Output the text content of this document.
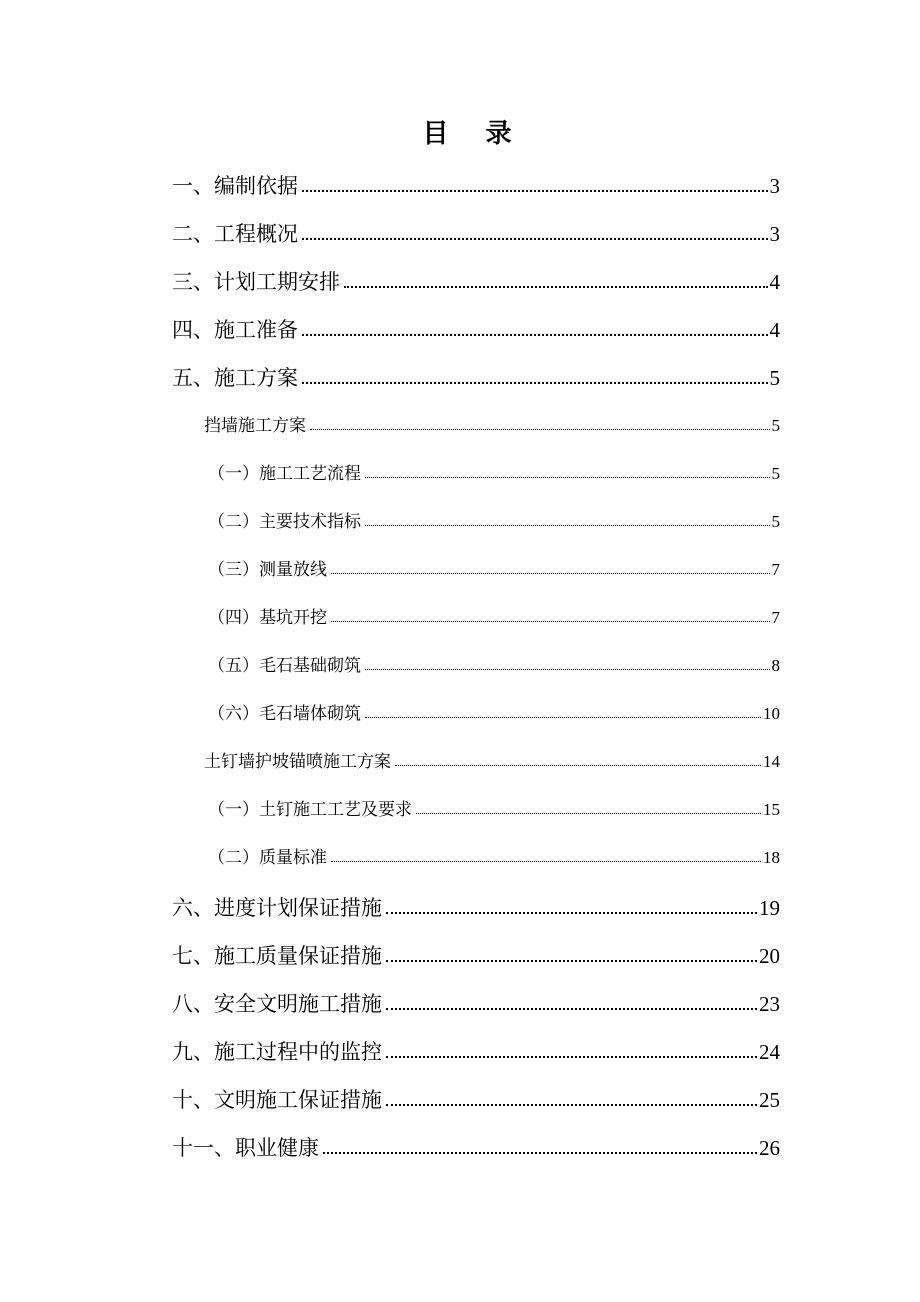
目 录
一、编制依据	3
二、工程概况	3
三、计划工期安排	4
四、施工准备	4
五、施工方案	5
挡墙施工方案	5
（一）施工工艺流程	5
（二）主要技术指标	5
（三）测量放线	7
（四）基坑开挖	7
（五）毛石基础砌筑	8
（六）毛石墙体砌筑	10
土钉墙护坡锚喷施工方案	14
（一）土钉施工工艺及要求	15
（二）质量标准	18
六、进度计划保证措施	19
七、施工质量保证措施	20
八、安全文明施工措施	23
九、施工过程中的监控	24
十、文明施工保证措施	25
十一、职业健康	26
